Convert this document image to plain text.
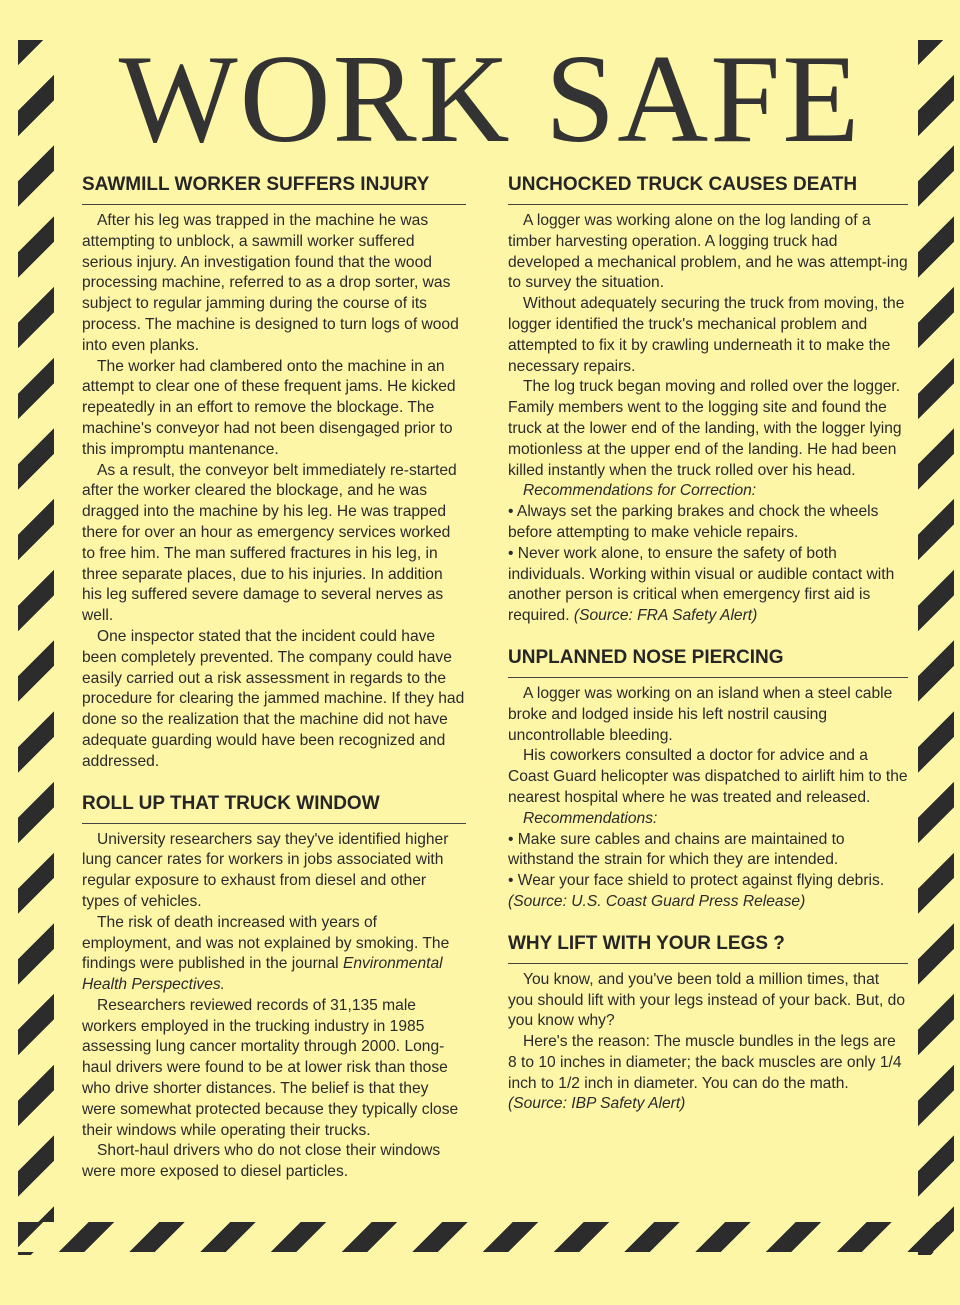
WORK SAFE
SAWMILL WORKER SUFFERS INJURY

After his leg was trapped in the machine he was attempting to unblock, a sawmill worker suffered serious injury. An investigation found that the wood processing machine, referred to as a drop sorter, was subject to regular jamming during the course of its process. The machine is designed to turn logs of wood into even planks.

The worker had clambered onto the machine in an attempt to clear one of these frequent jams. He kicked repeatedly in an effort to remove the blockage. The machine's conveyor had not been disengaged prior to this impromptu mantenance.

As a result, the conveyor belt immediately re-started after the worker cleared the blockage, and he was dragged into the machine by his leg. He was trapped there for over an hour as emergency services worked to free him. The man suffered fractures in his leg, in three separate places, due to his injuries. In addition his leg suffered severe damage to several nerves as well.

One inspector stated that the incident could have been completely prevented. The company could have easily carried out a risk assessment in regards to the procedure for clearing the jammed machine. If they had done so the realization that the machine did not have adequate guarding would have been recognized and addressed.

ROLL UP THAT TRUCK WINDOW

University researchers say they've identified higher lung cancer rates for workers in jobs associated with regular exposure to exhaust from diesel and other types of vehicles.

The risk of death increased with years of employment, and was not explained by smoking. The findings were published in the journal Environmental Health Perspectives.

Researchers reviewed records of 31,135 male workers employed in the trucking industry in 1985 assessing lung cancer mortality through 2000. Long-haul drivers were found to be at lower risk than those who drive shorter distances. The belief is that they were somewhat protected because they typically close their windows while operating their trucks.

Short-haul drivers who do not close their windows were more exposed to diesel particles.

UNCHOCKED TRUCK CAUSES DEATH

A logger was working alone on the log landing of a timber harvesting operation. A logging truck had developed a mechanical problem, and he was attempt-ing to survey the situation.

Without adequately securing the truck from moving, the logger identified the truck's mechanical problem and attempted to fix it by crawling underneath it to make the necessary repairs.

The log truck began moving and rolled over the logger. Family members went to the logging site and found the truck at the lower end of the landing, with the logger lying motionless at the upper end of the landing. He had been killed instantly when the truck rolled over his head.

Recommendations for Correction:

• Always set the parking brakes and chock the wheels before attempting to make vehicle repairs.

• Never work alone, to ensure the safety of both individuals. Working within visual or audible contact with another person is critical when emergency first aid is required. (Source: FRA Safety Alert)

UNPLANNED NOSE PIERCING

A logger was working on an island when a steel cable broke and lodged inside his left nostril causing uncontrollable bleeding.

His coworkers consulted a doctor for advice and a Coast Guard helicopter was dispatched to airlift him to the nearest hospital where he was treated and released.

Recommendations:

• Make sure cables and chains are maintained to withstand the strain for which they are intended.

• Wear your face shield to protect against flying debris. (Source: U.S. Coast Guard Press Release)

WHY LIFT WITH YOUR LEGS ?

You know, and you've been told a million times, that you should lift with your legs instead of your back. But, do you know why?

Here's the reason: The muscle bundles in the legs are 8 to 10 inches in diameter; the back muscles are only 1/4 inch to 1/2 inch in diameter. You can do the math. (Source: IBP Safety Alert)
